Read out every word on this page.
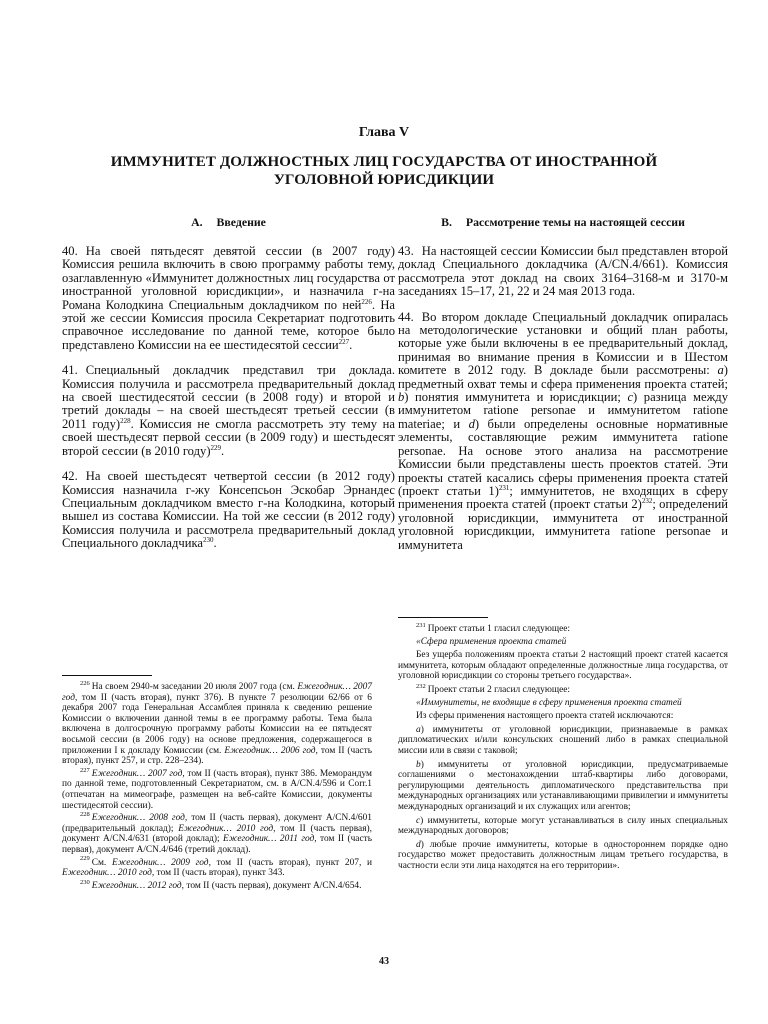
Глава V
ИММУНИТЕТ ДОЛЖНОСТНЫХ ЛИЦ ГОСУДАРСТВА ОТ ИНОСТРАННОЙ
УГОЛОВНОЙ ЮРИСДИКЦИИ
A. Введение

40. На своей пятьдесят девятой сессии (в 2007 году) Комиссия решила включить в свою программу работы тему, озаглавленную «Иммунитет должностных лиц государства от иностранной уголовной юрисдикции», и назначила г-на Романа Колодкина Специальным докладчиком по ней$^{226}$. На этой же сессии Комиссия просила Секретариат подготовить справочное исследование по данной теме, которое было представлено Комиссии на ее шестидесятой сессии$^{227}$.

41. Специальный докладчик представил три доклада. Комиссия получила и рассмотрела предварительный доклад на своей шестидесятой сессии (в 2008 году) и второй и третий доклады – на своей шестьдесят третьей сессии (в 2011 году)$^{228}$. Комиссия не смогла рассмотреть эту тему на своей шестьдесят первой сессии (в 2009 году) и шестьдесят второй сессии (в 2010 году)$^{229}$.

42. На своей шестьдесят четвертой сессии (в 2012 году) Комиссия назначила г-жу Консепсьон Эскобар Эрнандес Специальным докладчиком вместо г-на Колодкина, который вышел из состава Комиссии. На той же сессии (в 2012 году) Комиссия получила и рассмотрела предварительный доклад Специального докладчика$^{230}$.

B. Рассмотрение темы на настоящей сессии

43. На настоящей сессии Комиссии был представлен второй доклад Специального докладчика (A/CN.4/661). Комиссия рассмотрела этот доклад на своих 3164–3168-м и 3170-м заседаниях 15–17, 21, 22 и 24 мая 2013 года.

44. Во втором докладе Специальный докладчик опиралась на методологические установки и общий план работы, которые уже были включены в ее предварительный доклад, принимая во внимание прения в Комиссии и в Шестом комитете в 2012 году. В докладе были рассмотрены: a) предметный охват темы и сфера применения проекта статей; b) понятия иммунитета и юрисдикции; c) разница между иммунитетом ratione personae и иммунитетом ratione materiae; и d) были определены основные нормативные элементы, составляющие режим иммунитета ratione personae. На основе этого анализа на рассмотрение Комиссии были представлены шесть проектов статей. Эти проекты статей касались сферы применения проекта статей (проект статьи 1)$^{231}$; иммунитетов, не входящих в сферу применения проекта статей (проект статьи 2)$^{232}$; определений уголовной юрисдикции, иммунитета от иностранной уголовной юрисдикции, иммунитета ratione personae и иммунитета

$^{226}$ На своем 2940-м заседании 20 июля 2007 года (см. Ежегодник… 2007 год, том II (часть вторая), пункт 376). В пункте 7 резолюции 62/66 от 6 декабря 2007 года Генеральная Ассамблея приняла к сведению решение Комиссии о включении данной темы в ее программу работы. Тема была включена в долгосрочную программу работы Комиссии на ее пятьдесят восьмой сессии (в 2006 году) на основе предложения, содержащегося в приложении I к докладу Комиссии (см. Ежегодник… 2006 год, том II (часть вторая), пункт 257, и стр. 228–234).

$^{227}$ Ежегодник… 2007 год, том II (часть вторая), пункт 386. Меморандум по данной теме, подготовленный Секретариатом, см. в A/CN.4/596 и Corr.1 (отпечатан на мимеографе, размещен на веб-сайте Комиссии, документы шестидесятой сессии).

$^{228}$ Ежегодник… 2008 год, том II (часть первая), документ A/CN.4/601 (предварительный доклад); Ежегодник… 2010 год, том II (часть первая), документ A/CN.4/631 (второй доклад); Ежегодник… 2011 год, том II (часть первая), документ A/CN.4/646 (третий доклад).

$^{229}$ См. Ежегодник… 2009 год, том II (часть вторая), пункт 207, и Ежегодник… 2010 год, том II (часть вторая), пункт 343.

$^{230}$ Ежегодник… 2012 год, том II (часть первая), документ A/CN.4/654.

$^{231}$ Проект статьи 1 гласил следующее:

«Сфера применения проекта статей

Без ущерба положениям проекта статьи 2 настоящий проект статей касается иммунитета, которым обладают определенные должностные лица государства, от уголовной юрисдикции со стороны третьего государства».

$^{232}$ Проект статьи 2 гласил следующее:

«Иммунитеты, не входящие в сферу применения проекта статей

Из сферы применения настоящего проекта статей исключаются:

a) иммунитеты от уголовной юрисдикции, признаваемые в рамках дипломатических и/или консульских сношений либо в рамках специальной миссии или в связи с таковой;

b) иммунитеты от уголовной юрисдикции, предусматриваемые соглашениями о местонахождении штаб-квартиры либо договорами, регулирующими деятельность дипломатического представительства при международных организациях или устанавливающими привилегии и иммунитеты международных организаций и их служащих или агентов;

c) иммунитеты, которые могут устанавливаться в силу иных специальных международных договоров;

d) любые прочие иммунитеты, которые в одностороннем порядке одно государство может предоставить должностным лицам третьего государства, в частности если эти лица находятся на его территории».

43
